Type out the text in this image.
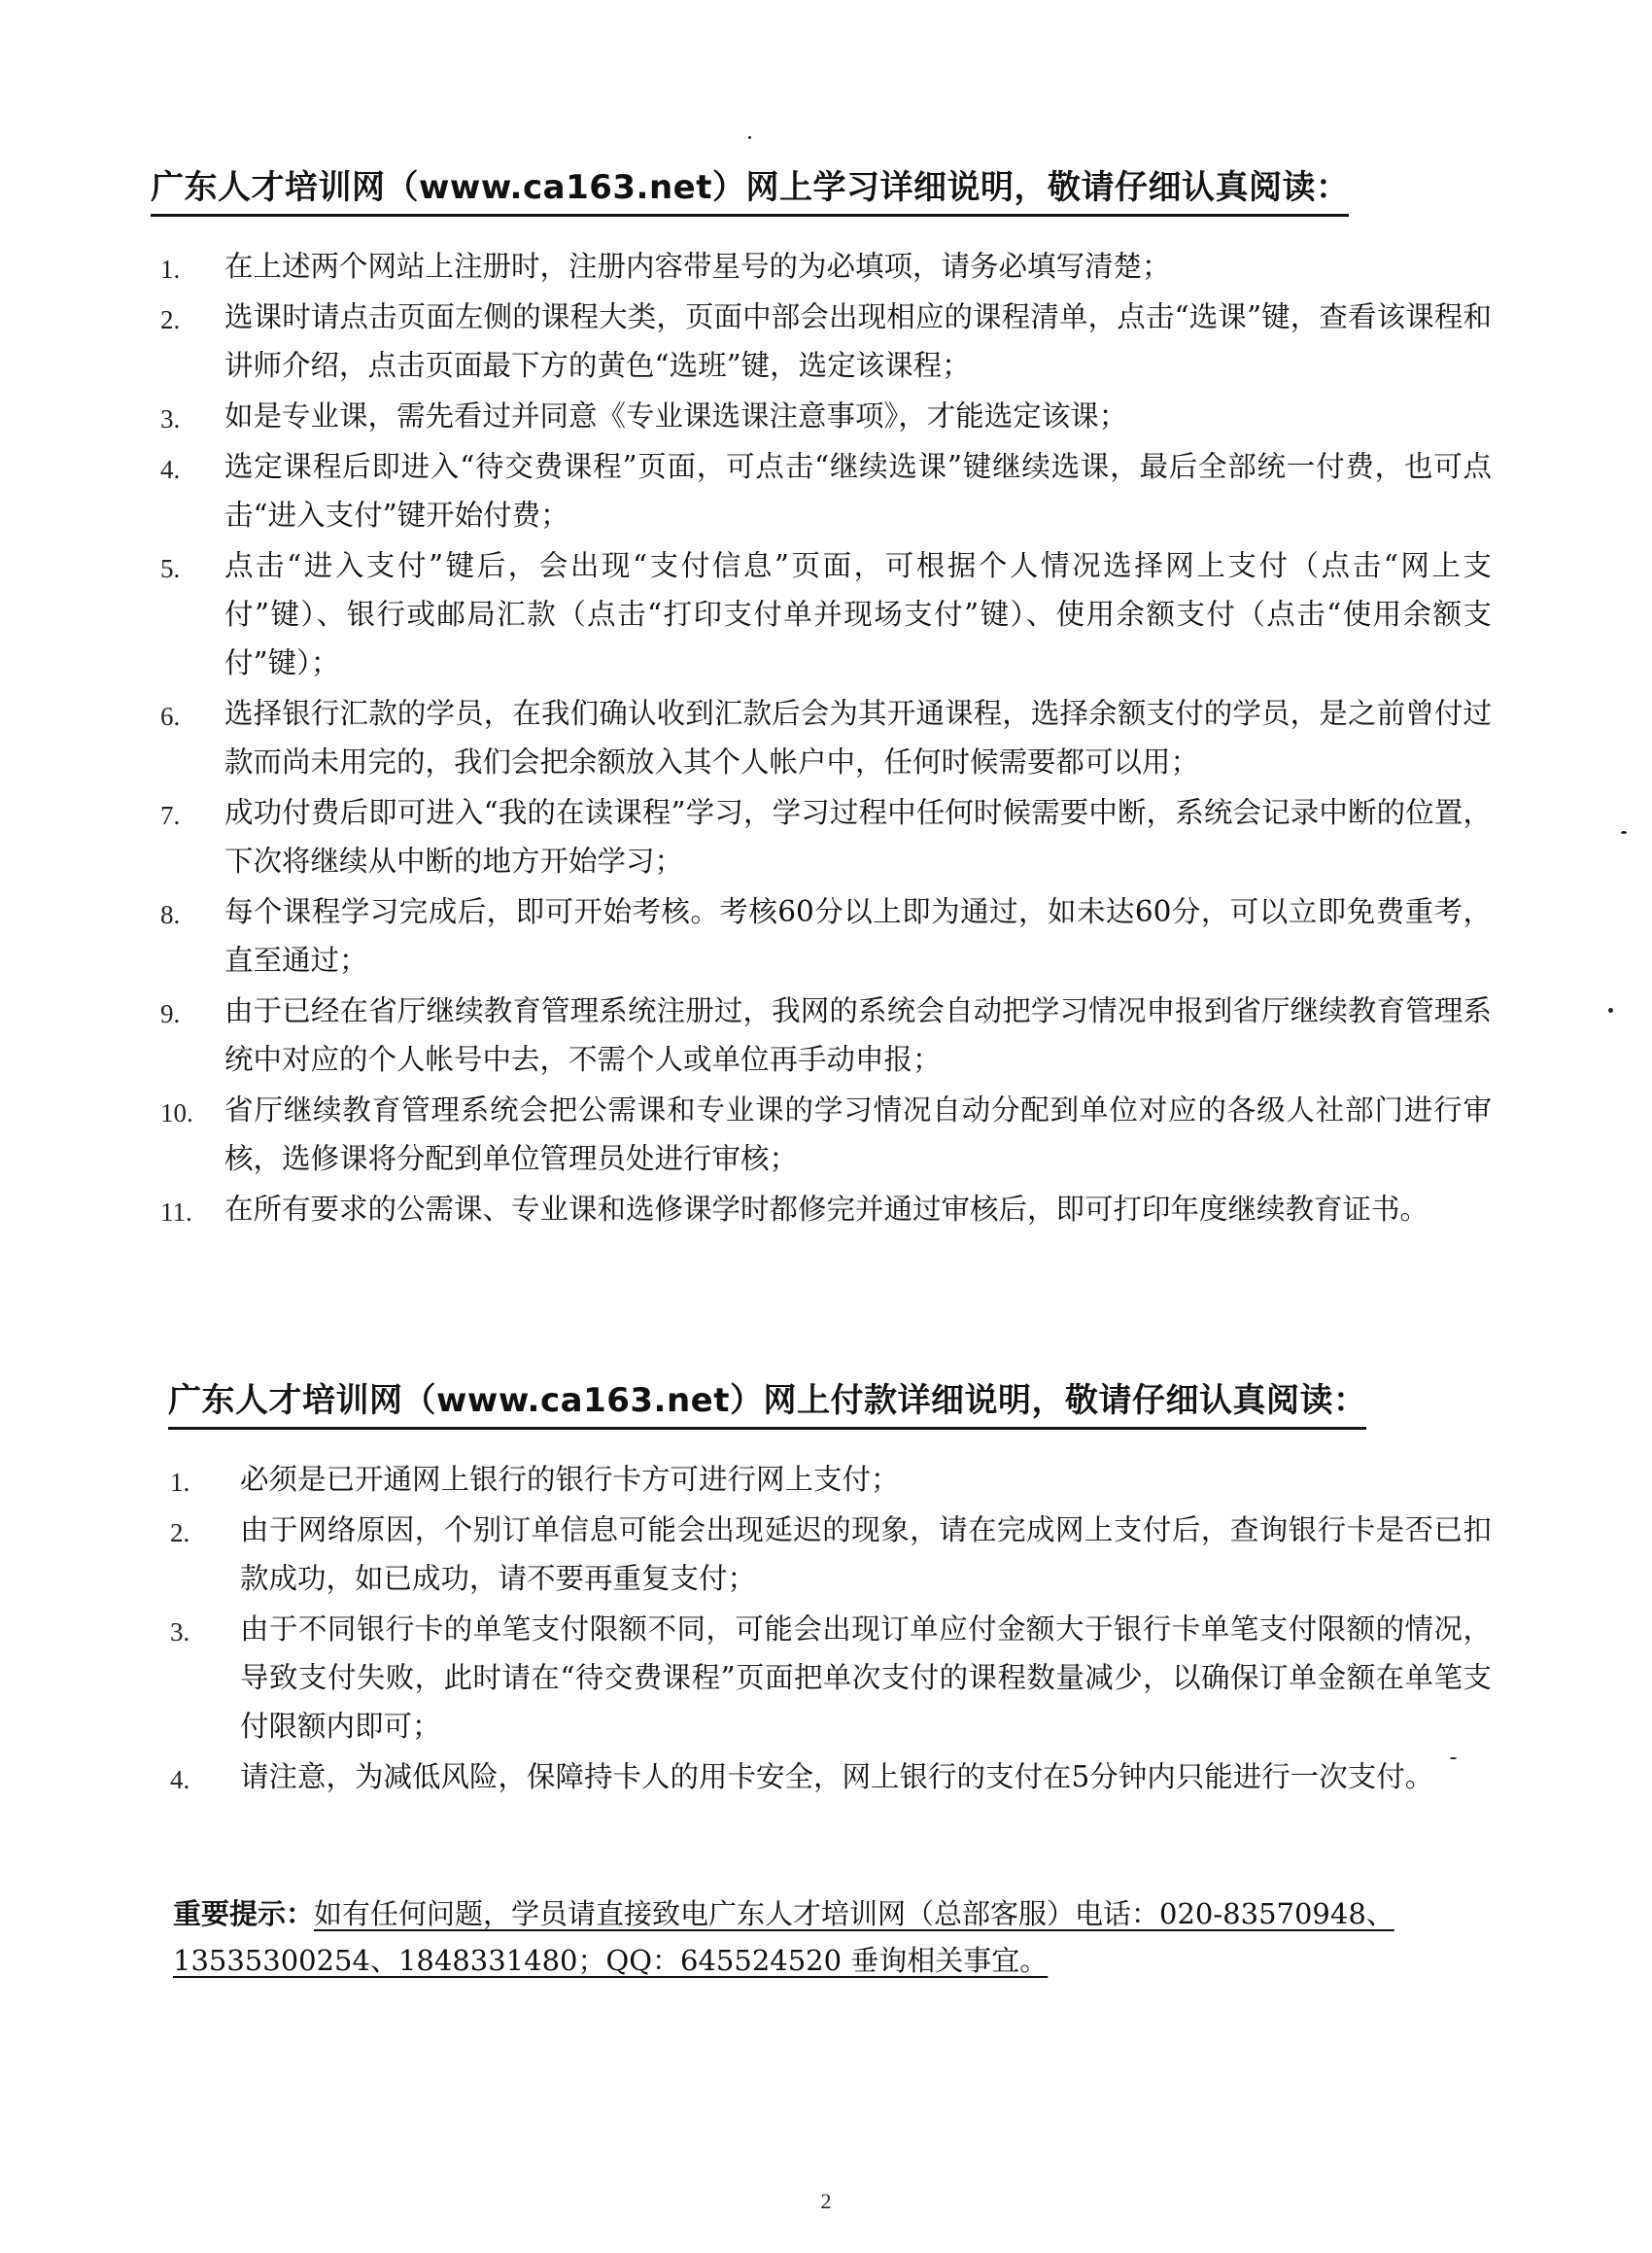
广东人才培训网（www.ca163.net）网上学习详细说明，敬请仔细认真阅读：
1. 在上述两个网站上注册时，注册内容带星号的为必填项，请务必填写清楚；
2. 选课时请点击页面左侧的课程大类，页面中部会出现相应的课程清单，点击“选课”键，查看该课程和讲师介绍，点击页面最下方的黄色“选班”键，选定该课程；
3. 如是专业课，需先看过并同意《专业课选课注意事项》，才能选定该课；
4. 选定课程后即进入“待交费课程”页面，可点击“继续选课”键继续选课，最后全部统一付费，也可点击“进入支付”键开始付费；
5. 点击“进入支付”键后，会出现“支付信息”页面，可根据个人情况选择网上支付（点击“网上支付”键）、银行或邮局汇款（点击“打印支付单并现场支付”键）、使用余额支付（点击“使用余额支付”键）；
6. 选择银行汇款的学员，在我们确认收到汇款后会为其开通课程，选择余额支付的学员，是之前曾付过款而尚未用完的，我们会把余额放入其个人帐户中，任何时候需要都可以用；
7. 成功付费后即可进入“我的在读课程”学习，学习过程中任何时候需要中断，系统会记录中断的位置，下次将继续从中断的地方开始学习；
8. 每个课程学习完成后，即可开始考核。考核60分以上即为通过，如未达60分，可以立即免费重考，直至通过；
9. 由于已经在省厅继续教育管理系统注册过，我网的系统会自动把学习情况申报到省厅继续教育管理系统中对应的个人帐号中去，不需个人或单位再手动申报；
10. 省厅继续教育管理系统会把公需课和专业课的学习情况自动分配到单位对应的各级人社部门进行审核，选修课将分配到单位管理员处进行审核；
11. 在所有要求的公需课、专业课和选修课学时都修完并通过审核后，即可打印年度继续教育证书。
广东人才培训网（www.ca163.net）网上付款详细说明，敬请仔细认真阅读：
1. 必须是已开通网上银行的银行卡方可进行网上支付；
2. 由于网络原因，个别订单信息可能会出现延迟的现象，请在完成网上支付后，查询银行卡是否已扣款成功，如已成功，请不要再重复支付；
3. 由于不同银行卡的单笔支付限额不同，可能会出现订单应付金额大于银行卡单笔支付限额的情况，导致支付失败，此时请在“待交费课程”页面把单次支付的课程数量减少，以确保订单金额在单笔支付限额内即可；
4. 请注意，为减低风险，保障持卡人的用卡安全，网上银行的支付在5分钟内只能进行一次支付。
重要提示：如有任何问题，学员请直接致电广东人才培训网（总部客服）电话：020-83570948、13535300254、1848331480；QQ：645524520 垂询相关事宜。
2
